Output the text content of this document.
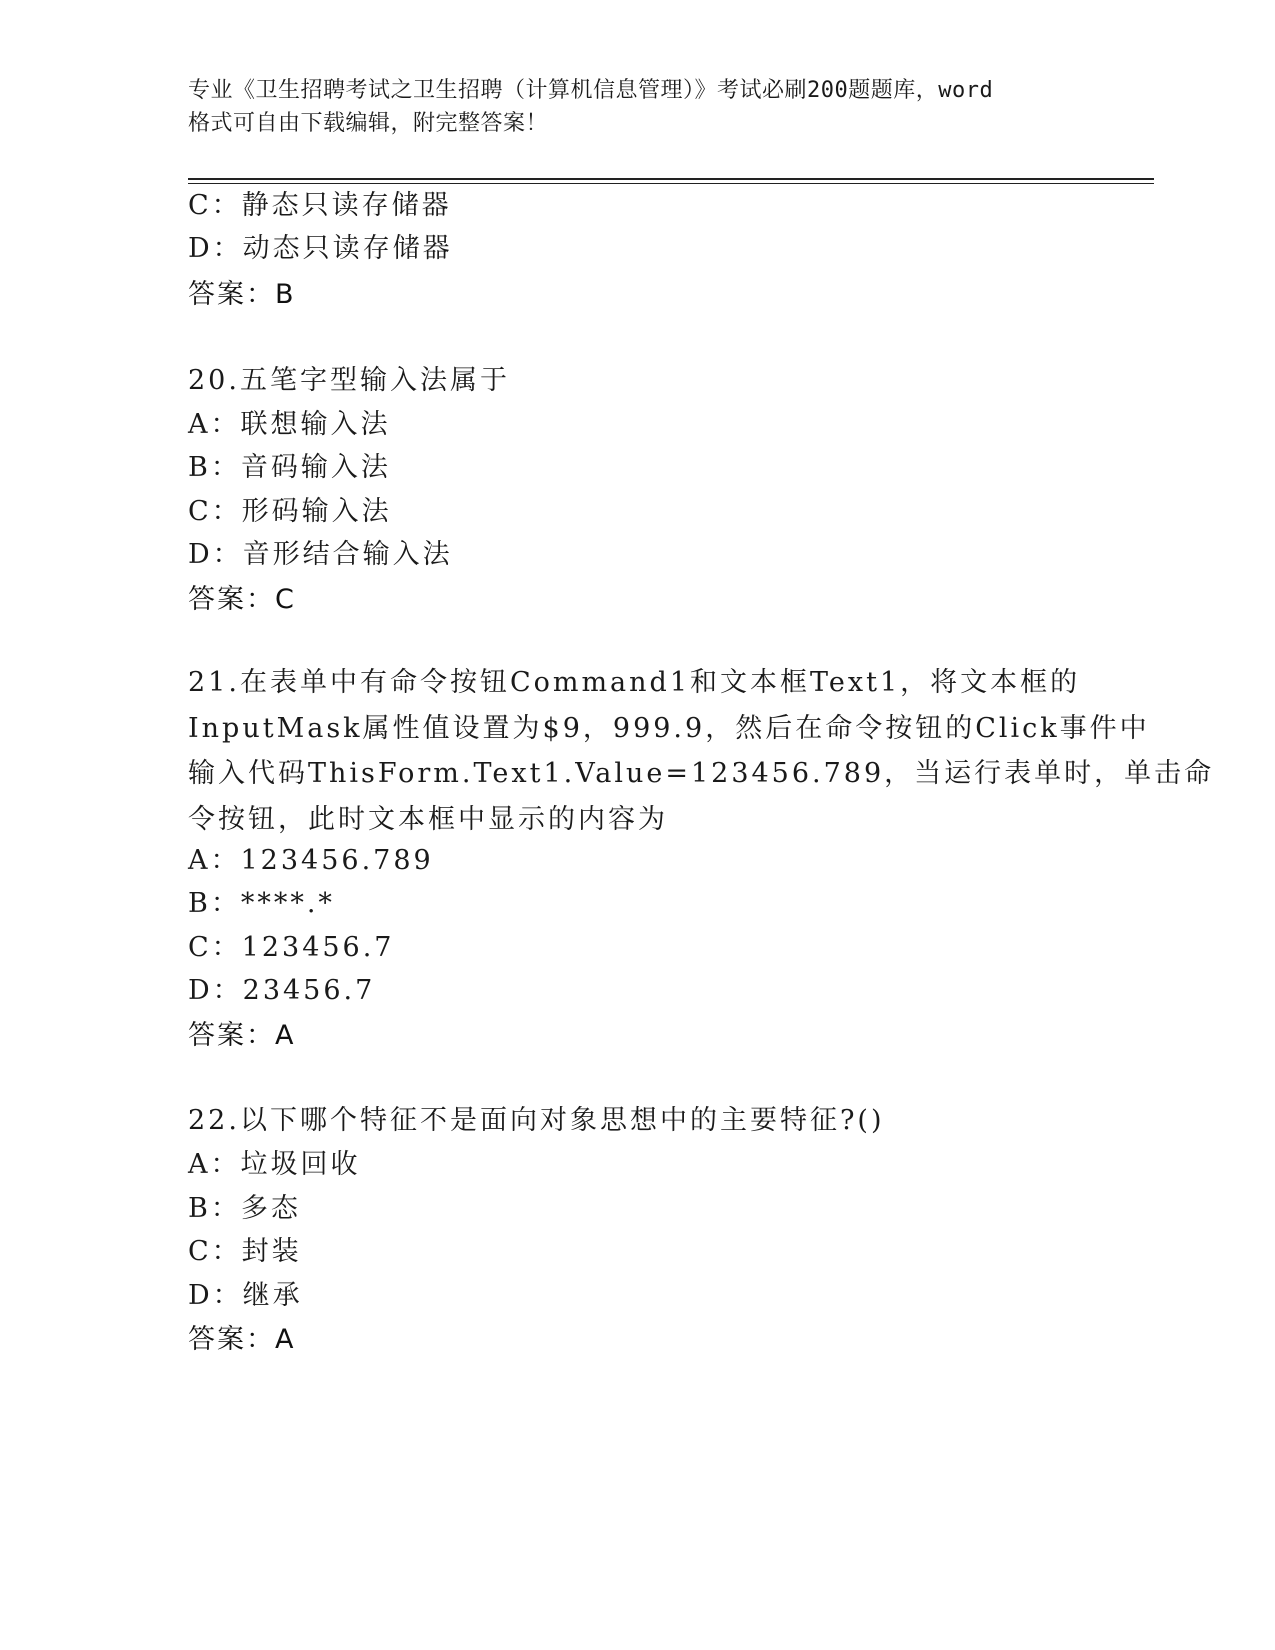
专业《卫生招聘考试之卫生招聘（计算机信息管理）》考试必刷200题题库，word
格式可自由下载编辑，附完整答案！
C：静态只读存储器
D：动态只读存储器
答案：B
20.五笔字型输入法属于
A：联想输入法
B：音码输入法
C：形码输入法
D：音形结合输入法
答案：C
21.在表单中有命令按钮Command1和文本框Text1，将文本框的
InputMask属性值设置为$9，999.9，然后在命令按钮的Click事件中
输入代码ThisForm.Text1.Value=123456.789，当运行表单时，单击命
令按钮，此时文本框中显示的内容为
A：123456.789
B：****.*
C：123456.7
D：23456.7
答案：A
22.以下哪个特征不是面向对象思想中的主要特征?()
A：垃圾回收
B：多态
C：封装
D：继承
答案：A
